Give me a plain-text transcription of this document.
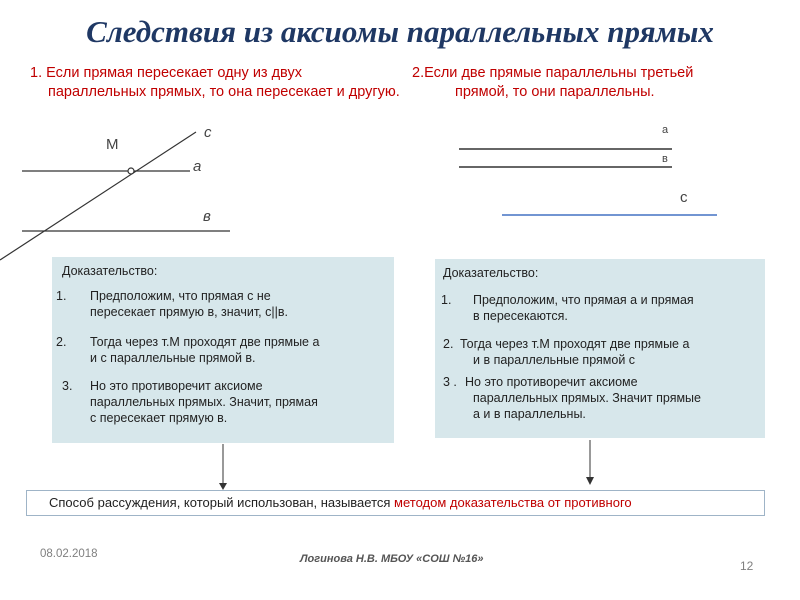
Следствия из аксиомы параллельных прямых
1. Если прямая пересекает одну из двух
параллельных прямых, то она пересекает и другую.
2.Если две прямые параллельны третьей
прямой, то они параллельны.
с
М
а
в
а
в
с
Доказательство:
1. Предположим, что прямая с не
пересекает прямую в, значит, с||в.
2. Тогда через т.М проходят две прямые а
и с параллельные прямой в.
3. Но это противоречит аксиоме
параллельных прямых. Значит, прямая
с пересекает прямую в.
Доказательство:
1. Предположим, что прямая а и прямая
в пересекаются.
2. Тогда через т.М проходят две прямые а
и в параллельные прямой с
3 . Но это противоречит аксиоме
параллельных прямых. Значит прямые
а и в параллельны.
Способ рассуждения, который использован, называется методом доказательства от противного
08.02.2018	Логинова Н.В. МБОУ «СОШ №16»	12
